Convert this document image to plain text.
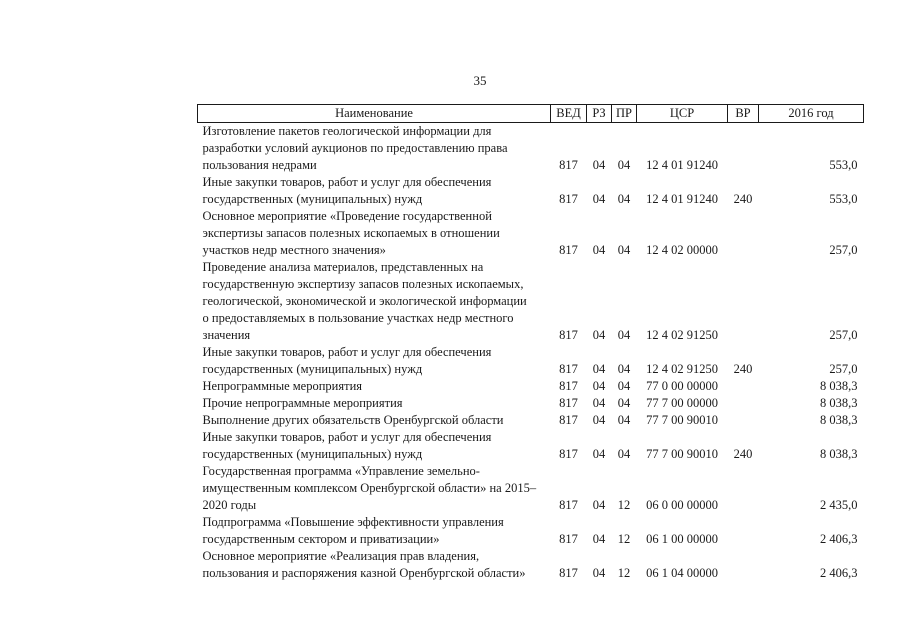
35
Наименование	ВЕД	РЗ	ПР	ЦСР	ВР	2016 год

Изготовление пакетов геологической информации для
разработки условий аукционов по предоставлению права
пользования недрами	817	04	04	12 4 01 91240		553,0

Иные закупки товаров, работ и услуг для обеспечения
государственных (муниципальных) нужд	817	04	04	12 4 01 91240	240	553,0

Основное мероприятие «Проведение государственной
экспертизы запасов полезных ископаемых в отношении
участков недр местного значения»	817	04	04	12 4 02 00000		257,0

Проведение анализа материалов, представленных на
государственную экспертизу запасов полезных ископаемых,
геологической, экономической и экологической информации
о предоставляемых в пользование участках недр местного
значения	817	04	04	12 4 02 91250		257,0

Иные закупки товаров, работ и услуг для обеспечения
государственных (муниципальных) нужд	817	04	04	12 4 02 91250	240	257,0

Непрограммные мероприятия	817	04	04	77 0 00 00000		8 038,3

Прочие непрограммные мероприятия	817	04	04	77 7 00 00000		8 038,3

Выполнение других обязательств Оренбургской области	817	04	04	77 7 00 90010		8 038,3

Иные закупки товаров, работ и услуг для обеспечения
государственных (муниципальных) нужд	817	04	04	77 7 00 90010	240	8 038,3

Государственная программа «Управление земельно-
имущественным комплексом Оренбургской области» на 2015–
2020 годы	817	04	12	06 0 00 00000		2 435,0

Подпрограмма «Повышение эффективности управления
государственным сектором и приватизации»	817	04	12	06 1 00 00000		2 406,3

Основное мероприятие «Реализация прав владения,
пользования и распоряжения казной Оренбургской области»	817	04	12	06 1 04 00000		2 406,3
